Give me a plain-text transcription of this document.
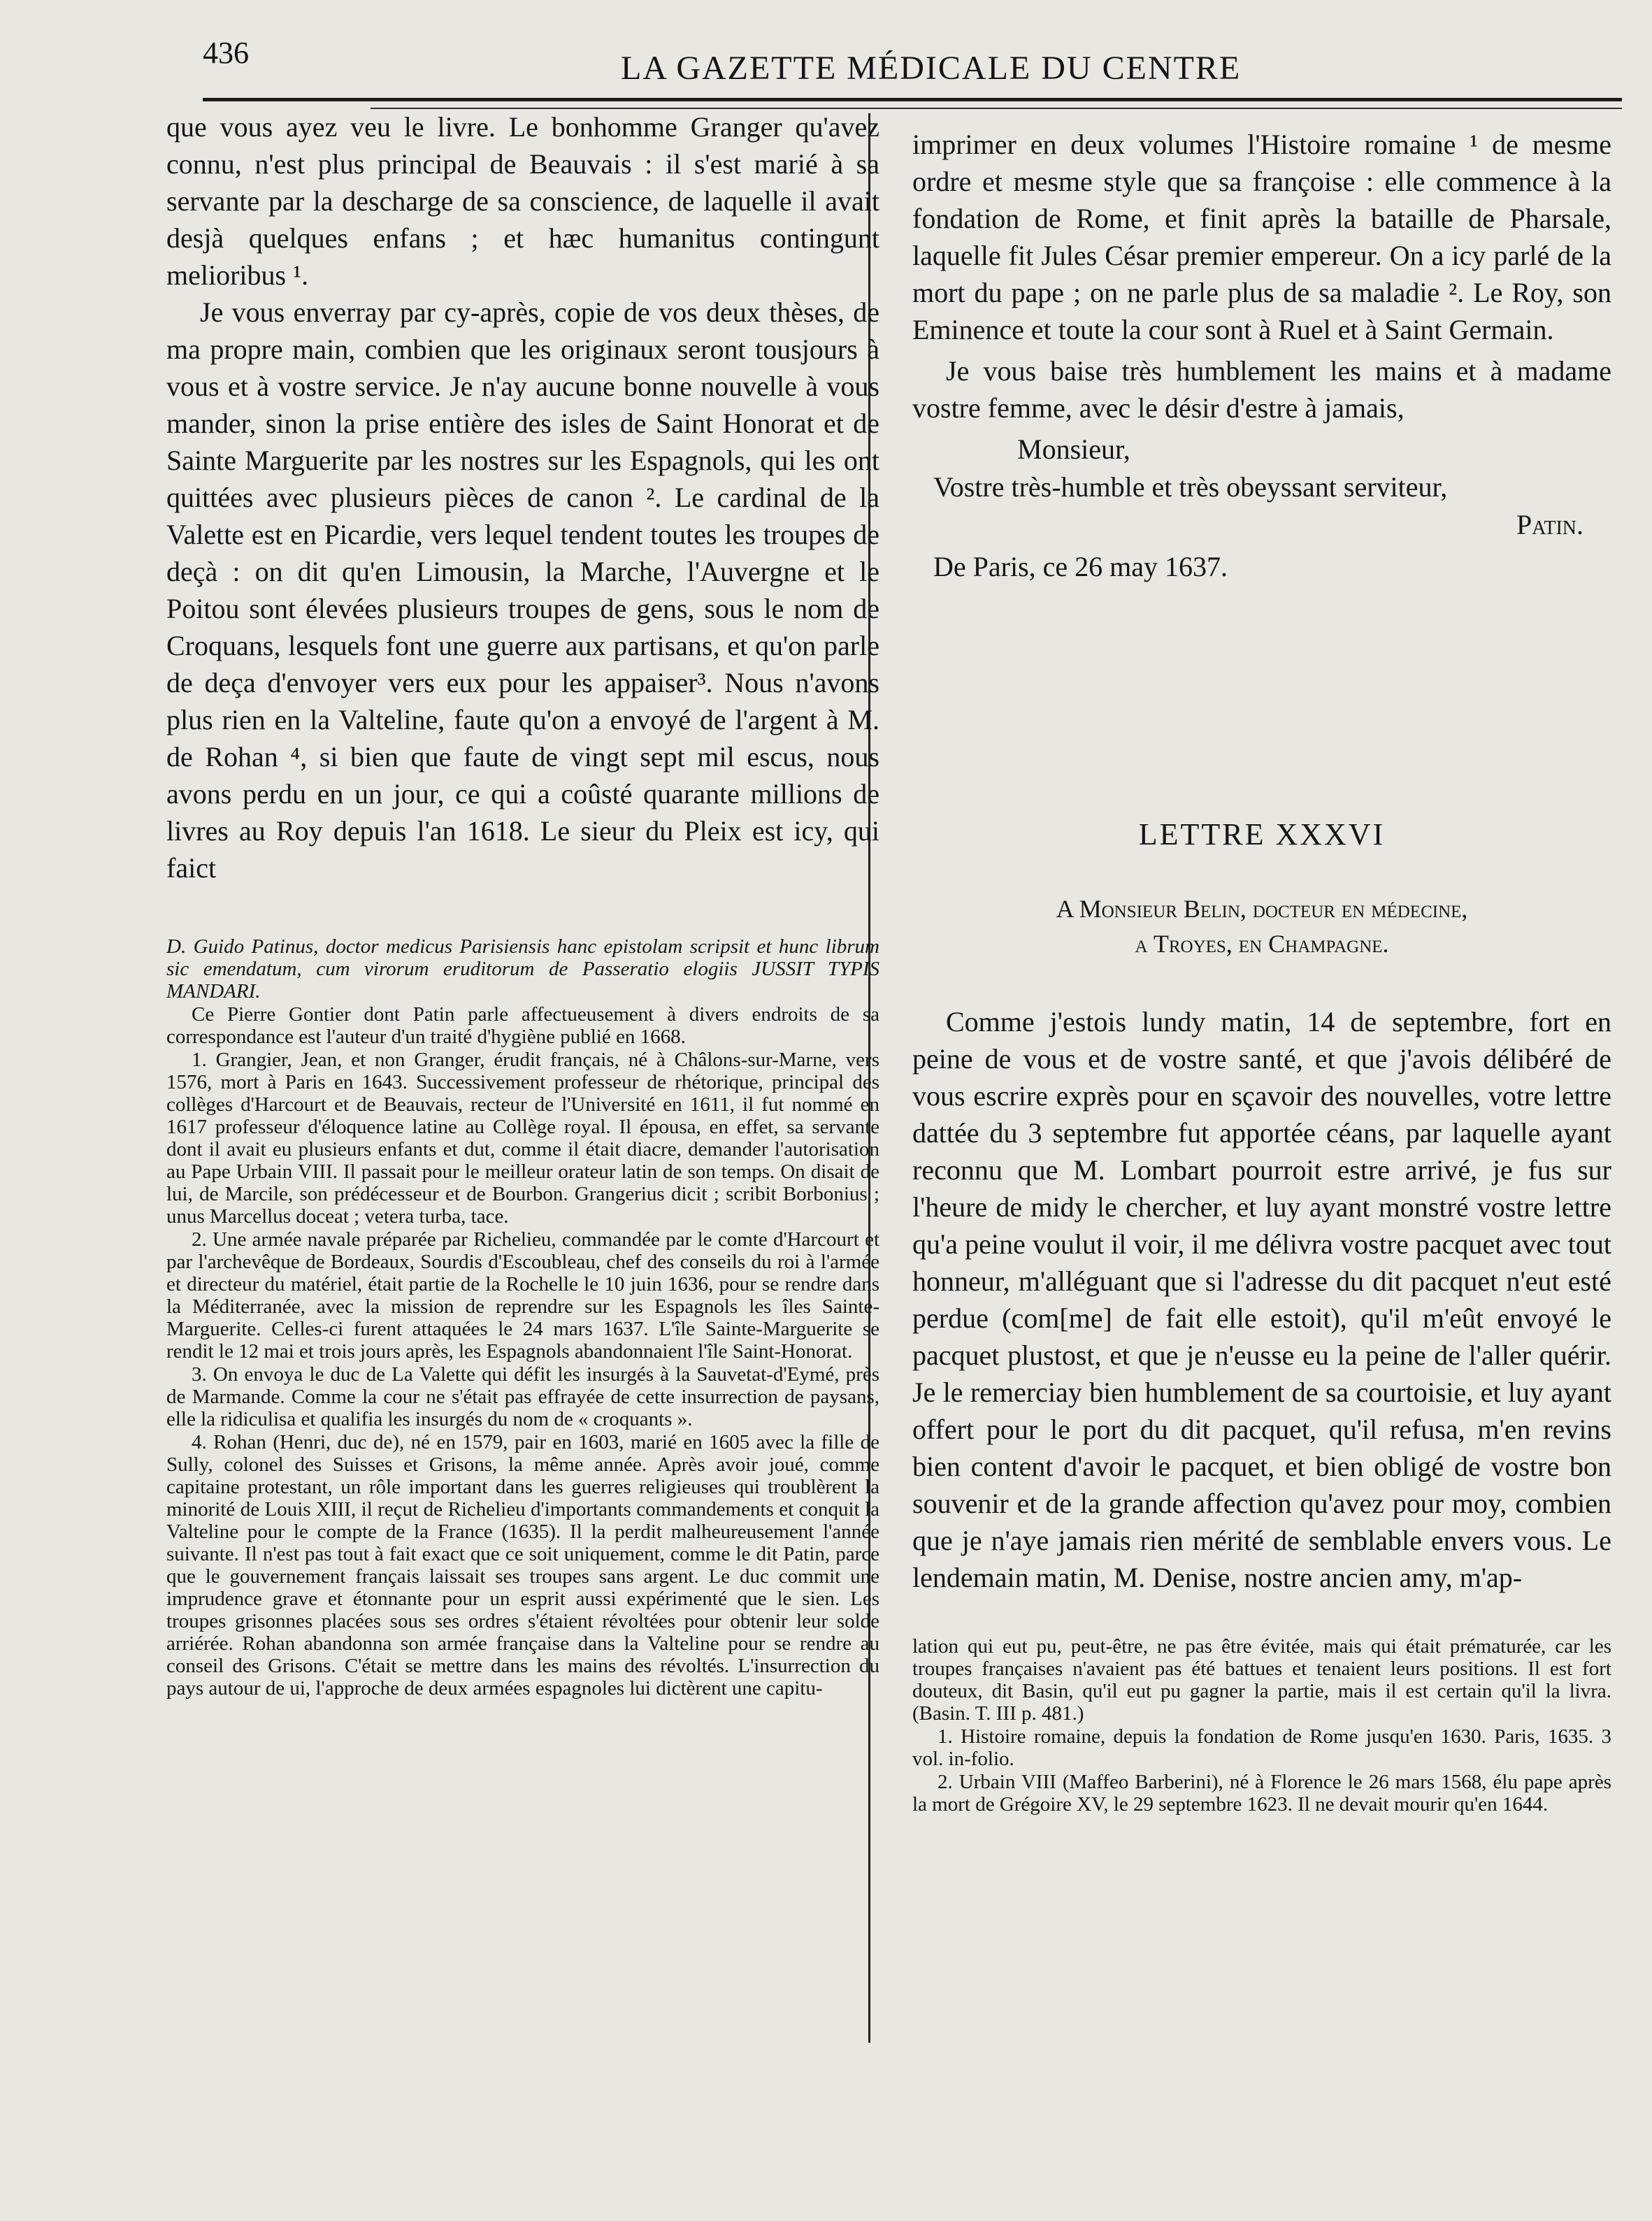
436	LA GAZETTE MÉDICALE DU CENTRE

que vous ayez veu le livre. Le bonhomme Granger qu'avez connu, n'est plus principal de Beauvais : il s'est marié à sa servante par la descharge de sa conscience, de laquelle il avait desjà quelques enfans ; et hæc humanitus contingunt melioribus ¹.

Je vous enverray par cy-après, copie de vos deux thèses, de ma propre main, combien que les originaux seront tousjours à vous et à vostre service. Je n'ay aucune bonne nouvelle à vous mander, sinon la prise entière des isles de Saint Honorat et de Sainte Marguerite par les nostres sur les Espagnols, qui les ont quittées avec plusieurs pièces de canon ². Le cardinal de la Valette est en Picardie, vers lequel tendent toutes les troupes de deçà : on dit qu'en Limousin, la Marche, l'Auvergne et le Poitou sont élevées plusieurs troupes de gens, sous le nom de Croquans, lesquels font une guerre aux partisans, et qu'on parle de deça d'envoyer vers eux pour les appaiser³. Nous n'avons plus rien en la Valteline, faute qu'on a envoyé de l'argent à M. de Rohan ⁴, si bien que faute de vingt sept mil escus, nous avons perdu en un jour, ce qui a coûsté quarante millions de livres au Roy depuis l'an 1618. Le sieur du Pleix est icy, qui faict

D. Guido Patinus, doctor medicus Parisiensis hanc epistolam scripsit et hunc librum sic emendatum, cum virorum eruditorum de Passeratio elogiis JUSSIT TYPIS MANDARI.

Ce Pierre Gontier dont Patin parle affectueusement à divers endroits de sa correspondance est l'auteur d'un traité d'hygiène publié en 1668.

1. Grangier, Jean, et non Granger, érudit français, né à Châlons-sur-Marne, vers 1576, mort à Paris en 1643. Successivement professeur de rhétorique, principal des collèges d'Harcourt et de Beauvais, recteur de l'Université en 1611, il fut nommé en 1617 professeur d'éloquence latine au Collège royal. Il épousa, en effet, sa servante dont il avait eu plusieurs enfants et dut, comme il était diacre, demander l'autorisation au Pape Urbain VIII. Il passait pour le meilleur orateur latin de son temps. On disait de lui, de Marcile, son prédécesseur et de Bourbon. Grangerius dicit ; scribit Borbonius ; unus Marcellus doceat ; vetera turba, tace.

2. Une armée navale préparée par Richelieu, commandée par le comte d'Harcourt et par l'archevêque de Bordeaux, Sourdis d'Escoubleau, chef des conseils du roi à l'armée et directeur du matériel, était partie de la Rochelle le 10 juin 1636, pour se rendre dans la Méditerranée, avec la mission de reprendre sur les Espagnols les îles Sainte-Marguerite. Celles-ci furent attaquées le 24 mars 1637. L'île Sainte-Marguerite se rendit le 12 mai et trois jours après, les Espagnols abandonnaient l'île Saint-Honorat.

3. On envoya le duc de La Valette qui défit les insurgés à la Sauvetat-d'Eymé, près de Marmande. Comme la cour ne s'était pas effrayée de cette insurrection de paysans, elle la ridiculisa et qualifia les insurgés du nom de « croquants ».

4. Rohan (Henri, duc de), né en 1579, pair en 1603, marié en 1605 avec la fille de Sully, colonel des Suisses et Grisons, la même année. Après avoir joué, comme capitaine protestant, un rôle important dans les guerres religieuses qui troublèrent la minorité de Louis XIII, il reçut de Richelieu d'importants commandements et conquit la Valteline pour le compte de la France (1635). Il la perdit malheureusement l'année suivante. Il n'est pas tout à fait exact que ce soit uniquement, comme le dit Patin, parce que le gouvernement français laissait ses troupes sans argent. Le duc commit une imprudence grave et étonnante pour un esprit aussi expérimenté que le sien. Les troupes grisonnes placées sous ses ordres s'étaient révoltées pour obtenir leur solde arriérée. Rohan abandonna son armée française dans la Valteline pour se rendre au conseil des Grisons. C'était se mettre dans les mains des révoltés. L'insurrection du pays autour de ui, l'approche de deux armées espagnoles lui dictèrent une capitu-

imprimer en deux volumes l'Histoire romaine ¹ de mesme ordre et mesme style que sa françoise : elle commence à la fondation de Rome, et finit après la bataille de Pharsale, laquelle fit Jules César premier empereur. On a icy parlé de la mort du pape ; on ne parle plus de sa maladie ². Le Roy, son Eminence et toute la cour sont à Ruel et à Saint Germain.

Je vous baise très humblement les mains et à madame vostre femme, avec le désir d'estre à jamais,

Monsieur,
Vostre très-humble et très obeyssant serviteur,
Patin.
De Paris, ce 26 may 1637.
LETTRE XXXVI
A Monsieur Belin, docteur en médecine,
a Troyes, en Champagne.

Comme j'estois lundy matin, 14 de septembre, fort en peine de vous et de vostre santé, et que j'avois délibéré de vous escrire exprès pour en sçavoir des nouvelles, votre lettre dattée du 3 septembre fut apportée céans, par laquelle ayant reconnu que M. Lombart pourroit estre arrivé, je fus sur l'heure de midy le chercher, et luy ayant monstré vostre lettre qu'a peine voulut il voir, il me délivra vostre pacquet avec tout honneur, m'alléguant que si l'adresse du dit pacquet n'eut esté perdue (com[me] de fait elle estoit), qu'il m'eût envoyé le pacquet plustost, et que je n'eusse eu la peine de l'aller quérir. Je le remerciay bien humblement de sa courtoisie, et luy ayant offert pour le port du dit pacquet, qu'il refusa, m'en revins bien content d'avoir le pacquet, et bien obligé de vostre bon souvenir et de la grande affection qu'avez pour moy, combien que je n'aye jamais rien mérité de semblable envers vous. Le lendemain matin, M. Denise, nostre ancien amy, m'ap-

lation qui eut pu, peut-être, ne pas être évitée, mais qui était prématurée, car les troupes françaises n'avaient pas été battues et tenaient leurs positions. Il est fort douteux, dit Basin, qu'il eut pu gagner la partie, mais il est certain qu'il la livra. (Basin. T. III p. 481.)

1. Histoire romaine, depuis la fondation de Rome jusqu'en 1630. Paris, 1635. 3 vol. in-folio.

2. Urbain VIII (Maffeo Barberini), né à Florence le 26 mars 1568, élu pape après la mort de Grégoire XV, le 29 septembre 1623. Il ne devait mourir qu'en 1644.
